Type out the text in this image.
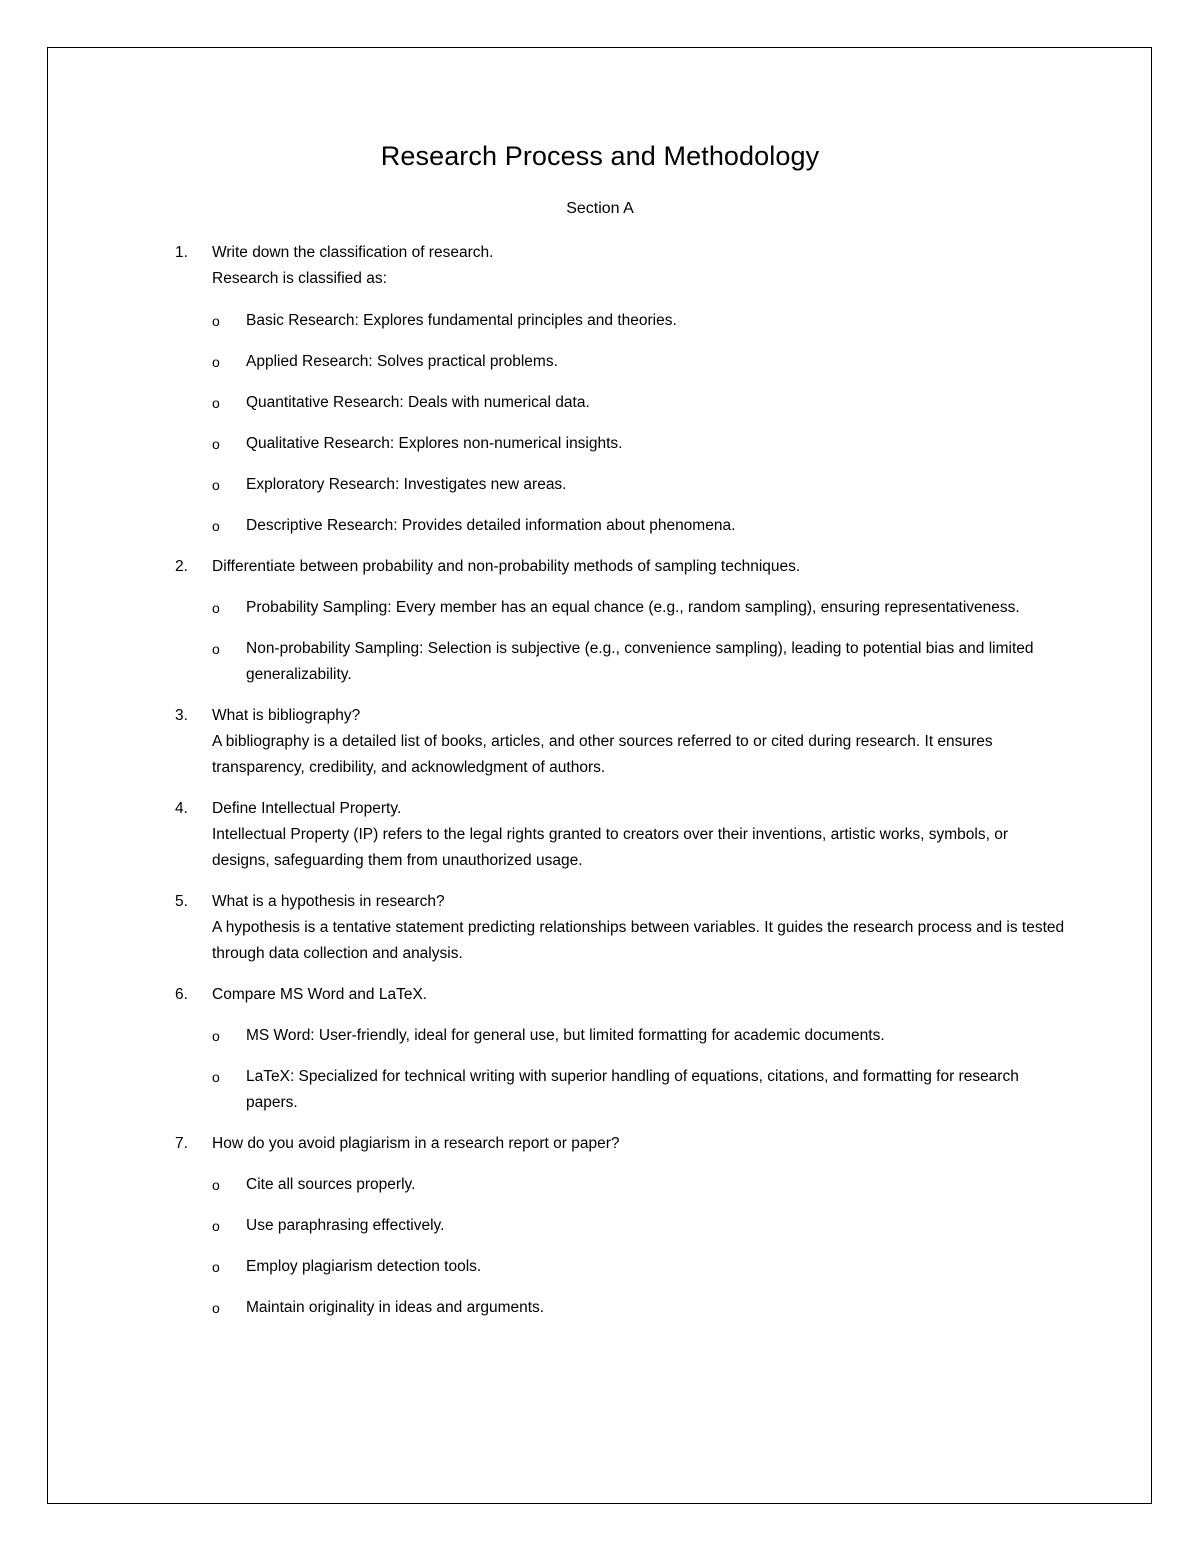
Research Process and Methodology
Section A
1. Write down the classification of research.
Research is classified as:
o Basic Research: Explores fundamental principles and theories.
o Applied Research: Solves practical problems.
o Quantitative Research: Deals with numerical data.
o Qualitative Research: Explores non-numerical insights.
o Exploratory Research: Investigates new areas.
o Descriptive Research: Provides detailed information about phenomena.
2. Differentiate between probability and non-probability methods of sampling techniques.
o Probability Sampling: Every member has an equal chance (e.g., random sampling), ensuring representativeness.
o Non-probability Sampling: Selection is subjective (e.g., convenience sampling), leading to potential bias and limited generalizability.
3. What is bibliography?
A bibliography is a detailed list of books, articles, and other sources referred to or cited during research. It ensures transparency, credibility, and acknowledgment of authors.
4. Define Intellectual Property.
Intellectual Property (IP) refers to the legal rights granted to creators over their inventions, artistic works, symbols, or designs, safeguarding them from unauthorized usage.
5. What is a hypothesis in research?
A hypothesis is a tentative statement predicting relationships between variables. It guides the research process and is tested through data collection and analysis.
6. Compare MS Word and LaTeX.
o MS Word: User-friendly, ideal for general use, but limited formatting for academic documents.
o LaTeX: Specialized for technical writing with superior handling of equations, citations, and formatting for research papers.
7. How do you avoid plagiarism in a research report or paper?
o Cite all sources properly.
o Use paraphrasing effectively.
o Employ plagiarism detection tools.
o Maintain originality in ideas and arguments.
